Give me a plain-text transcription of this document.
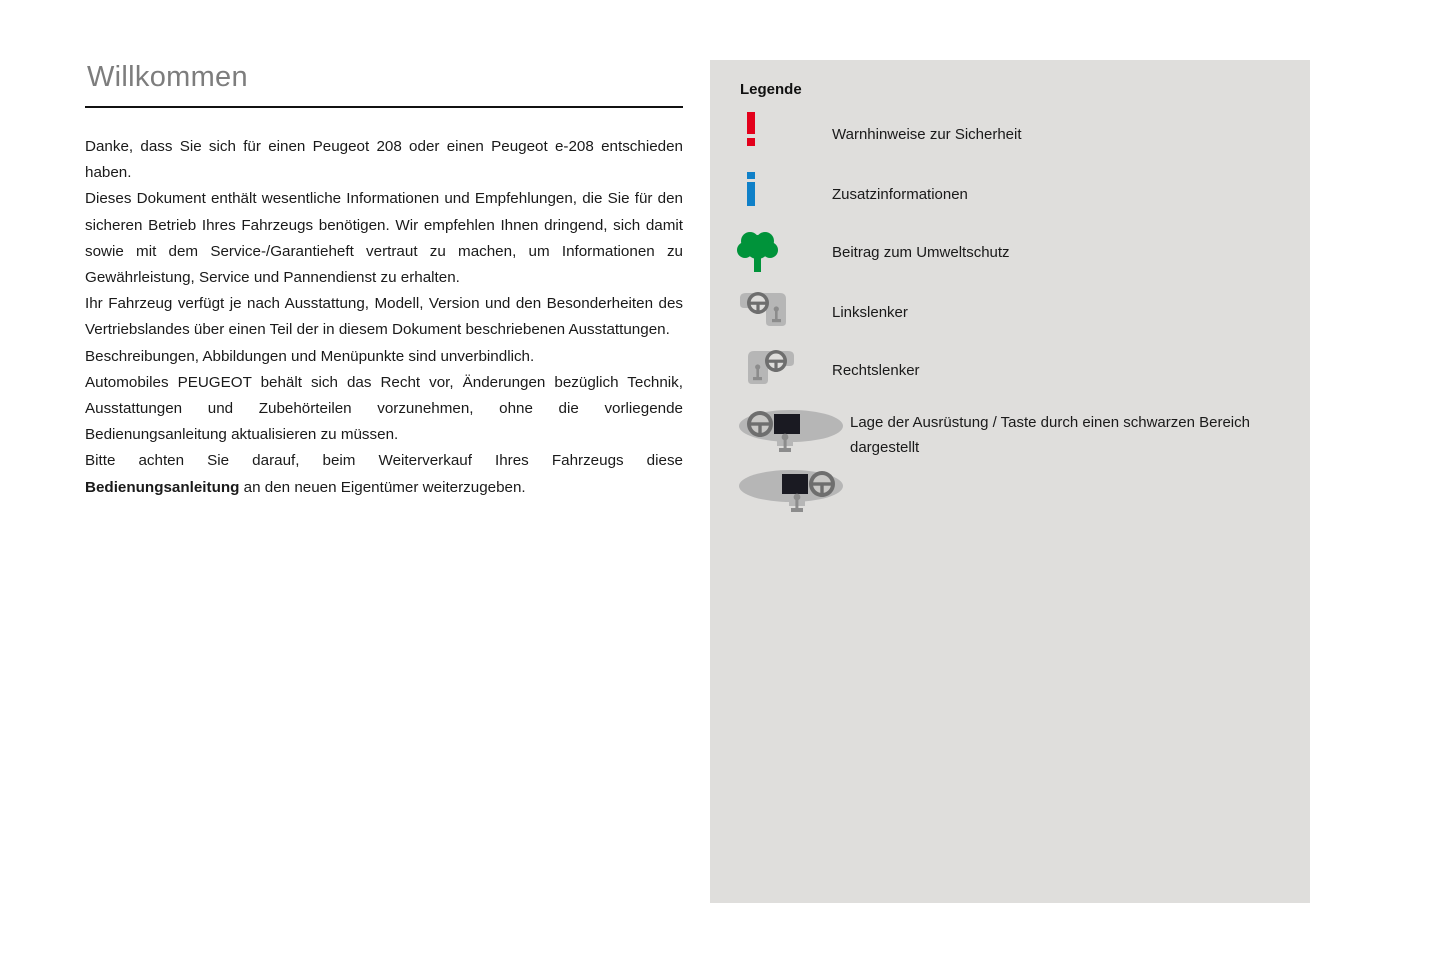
Willkommen

Danke, dass Sie sich für einen Peugeot 208 oder einen Peugeot e-208 entschieden haben.

Dieses Dokument enthält wesentliche Informationen und Empfehlungen, die Sie für den sicheren Betrieb Ihres Fahrzeugs benötigen. Wir empfehlen Ihnen dringend, sich damit sowie mit dem Service-/Garantieheft vertraut zu machen, um Informationen zu Gewährleistung, Service und Pannendienst zu erhalten.

Ihr Fahrzeug verfügt je nach Ausstattung, Modell, Version und den Besonderheiten des Vertriebslandes über einen Teil der in diesem Dokument beschriebenen Ausstattungen.

Beschreibungen, Abbildungen und Menüpunkte sind unverbindlich.

Automobiles PEUGEOT behält sich das Recht vor, Änderungen bezüglich Technik, Ausstattungen und Zubehörteilen vorzunehmen, ohne die vorliegende Bedienungsanleitung aktualisieren zu müssen.

Bitte achten Sie darauf, beim Weiterverkauf Ihres Fahrzeugs diese Bedienungsanleitung an den neuen Eigentümer weiterzugeben.

Legende
Warnhinweise zur Sicherheit
Zusatzinformationen
Beitrag zum Umweltschutz
Linkslenker
Rechtslenker
Lage der Ausrüstung / Taste durch einen schwarzen Bereich dargestellt
